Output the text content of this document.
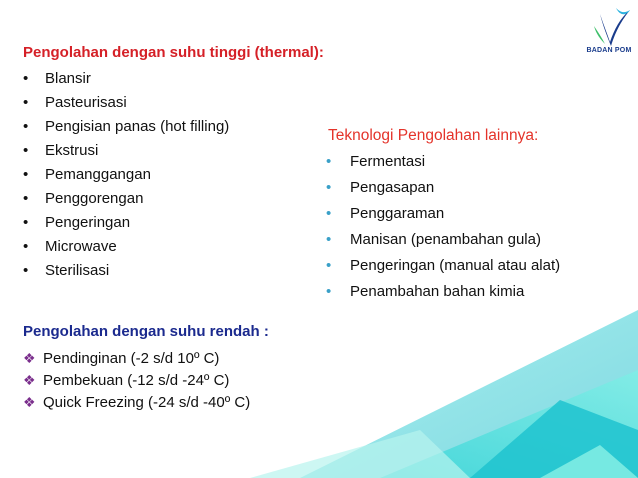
BADAN POM
Pengolahan dengan suhu tinggi (thermal):
• Blansir
• Pasteurisasi
• Pengisian panas (hot filling)
• Ekstrusi
• Pemanggangan
• Penggorengan
• Pengeringan
• Microwave
• Sterilisasi
Teknologi Pengolahan lainnya:
• Fermentasi
• Pengasapan
• Penggaraman
• Manisan (penambahan gula)
• Pengeringan (manual atau alat)
• Penambahan bahan kimia
Pengolahan dengan suhu rendah :
❖ Pendinginan (-2 s/d 10º C)
❖ Pembekuan (-12 s/d -24º C)
❖ Quick Freezing (-24 s/d -40º C)
